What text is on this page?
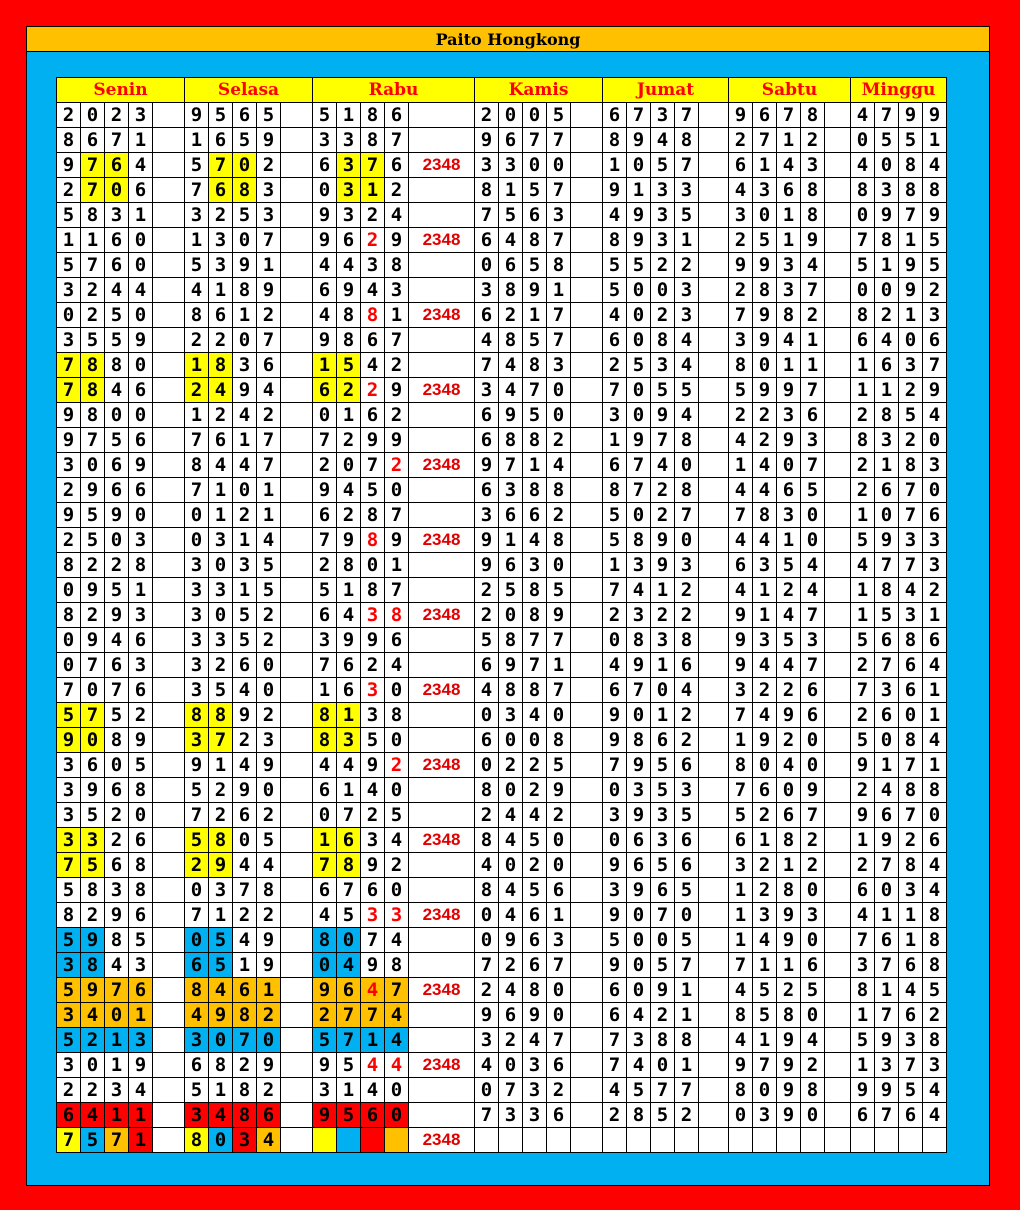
Paito Hongkong
Senin					Selasa					Rabu					Kamis					Jumat					Sabtu					Minggu			
2	0	2	3		9	5	6	5		5	1	8	6		2	0	0	5		6	7	3	7		9	6	7	8		4	7	9	9
8	6	7	1		1	6	5	9		3	3	8	7		9	6	7	7		8	9	4	8		2	7	1	2		0	5	5	1
9	7	6	4		5	7	0	2		6	3	7	6	2348	3	3	0	0		1	0	5	7		6	1	4	3		4	0	8	4
2	7	0	6		7	6	8	3		0	3	1	2		8	1	5	7		9	1	3	3		4	3	6	8		8	3	8	8
5	8	3	1		3	2	5	3		9	3	2	4		7	5	6	3		4	9	3	5		3	0	1	8		0	9	7	9
1	1	6	0		1	3	0	7		9	6	2	9	2348	6	4	8	7		8	9	3	1		2	5	1	9		7	8	1	5
5	7	6	0		5	3	9	1		4	4	3	8		0	6	5	8		5	5	2	2		9	9	3	4		5	1	9	5
3	2	4	4		4	1	8	9		6	9	4	3		3	8	9	1		5	0	0	3		2	8	3	7		0	0	9	2
0	2	5	0		8	6	1	2		4	8	8	1	2348	6	2	1	7		4	0	2	3		7	9	8	2		8	2	1	3
3	5	5	9		2	2	0	7		9	8	6	7		4	8	5	7		6	0	8	4		3	9	4	1		6	4	0	6
7	8	8	0		1	8	3	6		1	5	4	2		7	4	8	3		2	5	3	4		8	0	1	1		1	6	3	7
7	8	4	6		2	4	9	4		6	2	2	9	2348	3	4	7	0		7	0	5	5		5	9	9	7		1	1	2	9
9	8	0	0		1	2	4	2		0	1	6	2		6	9	5	0		3	0	9	4		2	2	3	6		2	8	5	4
9	7	5	6		7	6	1	7		7	2	9	9		6	8	8	2		1	9	7	8		4	2	9	3		8	3	2	0
3	0	6	9		8	4	4	7		2	0	7	2	2348	9	7	1	4		6	7	4	0		1	4	0	7		2	1	8	3
2	9	6	6		7	1	0	1		9	4	5	0		6	3	8	8		8	7	2	8		4	4	6	5		2	6	7	0
9	5	9	0		0	1	2	1		6	2	8	7		3	6	6	2		5	0	2	7		7	8	3	0		1	0	7	6
2	5	0	3		0	3	1	4		7	9	8	9	2348	9	1	4	8		5	8	9	0		4	4	1	0		5	9	3	3
8	2	2	8		3	0	3	5		2	8	0	1		9	6	3	0		1	3	9	3		6	3	5	4		4	7	7	3
0	9	5	1		3	3	1	5		5	1	8	7		2	5	8	5		7	4	1	2		4	1	2	4		1	8	4	2
8	2	9	3		3	0	5	2		6	4	3	8	2348	2	0	8	9		2	3	2	2		9	1	4	7		1	5	3	1
0	9	4	6		3	3	5	2		3	9	9	6		5	8	7	7		0	8	3	8		9	3	5	3		5	6	8	6
0	7	6	3		3	2	6	0		7	6	2	4		6	9	7	1		4	9	1	6		9	4	4	7		2	7	6	4
7	0	7	6		3	5	4	0		1	6	3	0	2348	4	8	8	7		6	7	0	4		3	2	2	6		7	3	6	1
5	7	5	2		8	8	9	2		8	1	3	8		0	3	4	0		9	0	1	2		7	4	9	6		2	6	0	1
9	0	8	9		3	7	2	3		8	3	5	0		6	0	0	8		9	8	6	2		1	9	2	0		5	0	8	4
3	6	0	5		9	1	4	9		4	4	9	2	2348	0	2	2	5		7	9	5	6		8	0	4	0		9	1	7	1
3	9	6	8		5	2	9	0		6	1	4	0		8	0	2	9		0	3	5	3		7	6	0	9		2	4	8	8
3	5	2	0		7	2	6	2		0	7	2	5		2	4	4	2		3	9	3	5		5	2	6	7		9	6	7	0
3	3	2	6		5	8	0	5		1	6	3	4	2348	8	4	5	0		0	6	3	6		6	1	8	2		1	9	2	6
7	5	6	8		2	9	4	4		7	8	9	2		4	0	2	0		9	6	5	6		3	2	1	2		2	7	8	4
5	8	3	8		0	3	7	8		6	7	6	0		8	4	5	6		3	9	6	5		1	2	8	0		6	0	3	4
8	2	9	6		7	1	2	2		4	5	3	3	2348	0	4	6	1		9	0	7	0		1	3	9	3		4	1	1	8
5	9	8	5		0	5	4	9		8	0	7	4		0	9	6	3		5	0	0	5		1	4	9	0		7	6	1	8
3	8	4	3		6	5	1	9		0	4	9	8		7	2	6	7		9	0	5	7		7	1	1	6		3	7	6	8
5	9	7	6		8	4	6	1		9	6	4	7	2348	2	4	8	0		6	0	9	1		4	5	2	5		8	1	4	5
3	4	0	1		4	9	8	2		2	7	7	4		9	6	9	0		6	4	2	1		8	5	8	0		1	7	6	2
5	2	1	3		3	0	7	0		5	7	1	4		3	2	4	7		7	3	8	8		4	1	9	4		5	9	3	8
3	0	1	9		6	8	2	9		9	5	4	4	2348	4	0	3	6		7	4	0	1		9	7	9	2		1	3	7	3
2	2	3	4		5	1	8	2		3	1	4	0		0	7	3	2		4	5	7	7		8	0	9	8		9	9	5	4
6	4	1	1		3	4	8	6		9	5	6	0		7	3	3	6		2	8	5	2		0	3	9	0		6	7	6	4
7	5	7	1		8	0	3	4						2348																			
